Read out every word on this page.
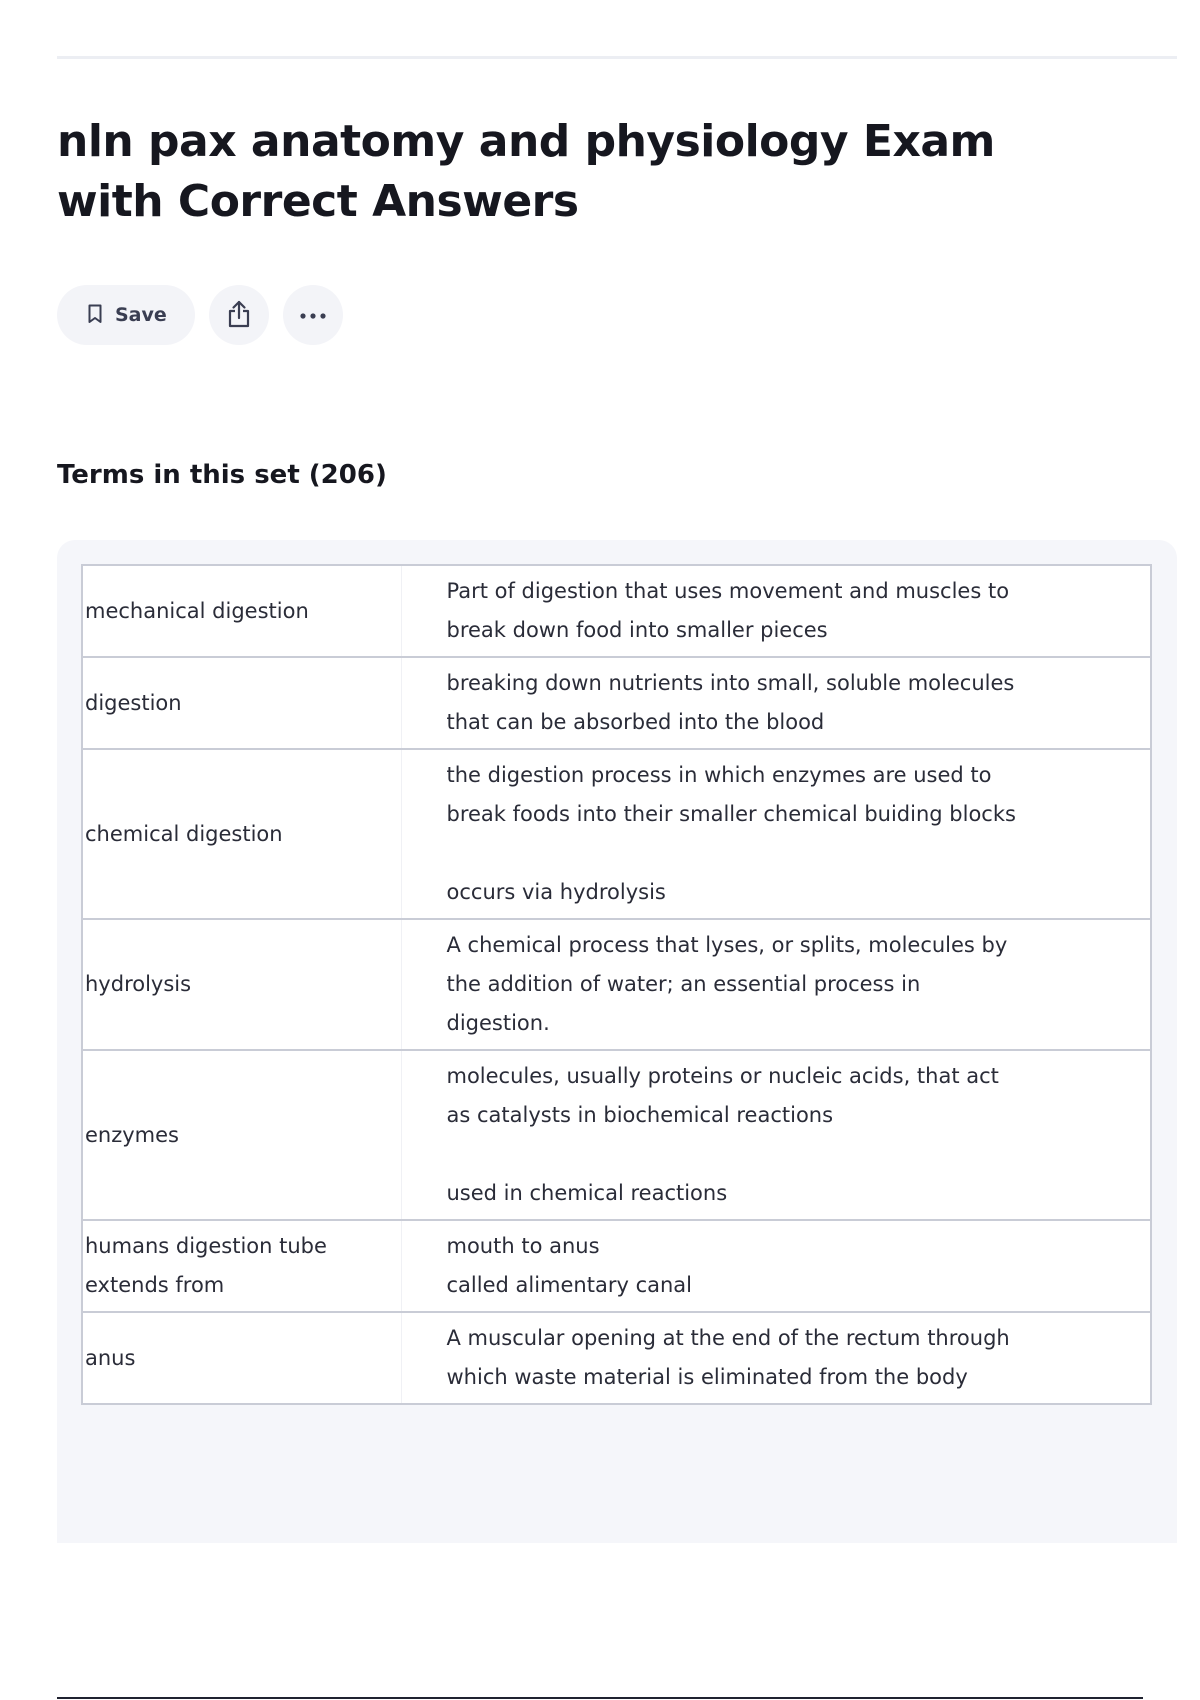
nln pax anatomy and physiology Exam with Correct Answers
Save
Terms in this set (206)
mechanical digestion	Part of digestion that uses movement and muscles to
break down food into smaller pieces

digestion	breaking down nutrients into small, soluble molecules
that can be absorbed into the blood

chemical digestion	the digestion process in which enzymes are used to
break foods into their smaller chemical buiding blocks
occurs via hydrolysis

hydrolysis	A chemical process that lyses, or splits, molecules by
the addition of water; an essential process in
digestion.

enzymes	molecules, usually proteins or nucleic acids, that act
as catalysts in biochemical reactions
used in chemical reactions

humans digestion tube extends from	mouth to anus
called alimentary canal

anus	A muscular opening at the end of the rectum through
which waste material is eliminated from the body
